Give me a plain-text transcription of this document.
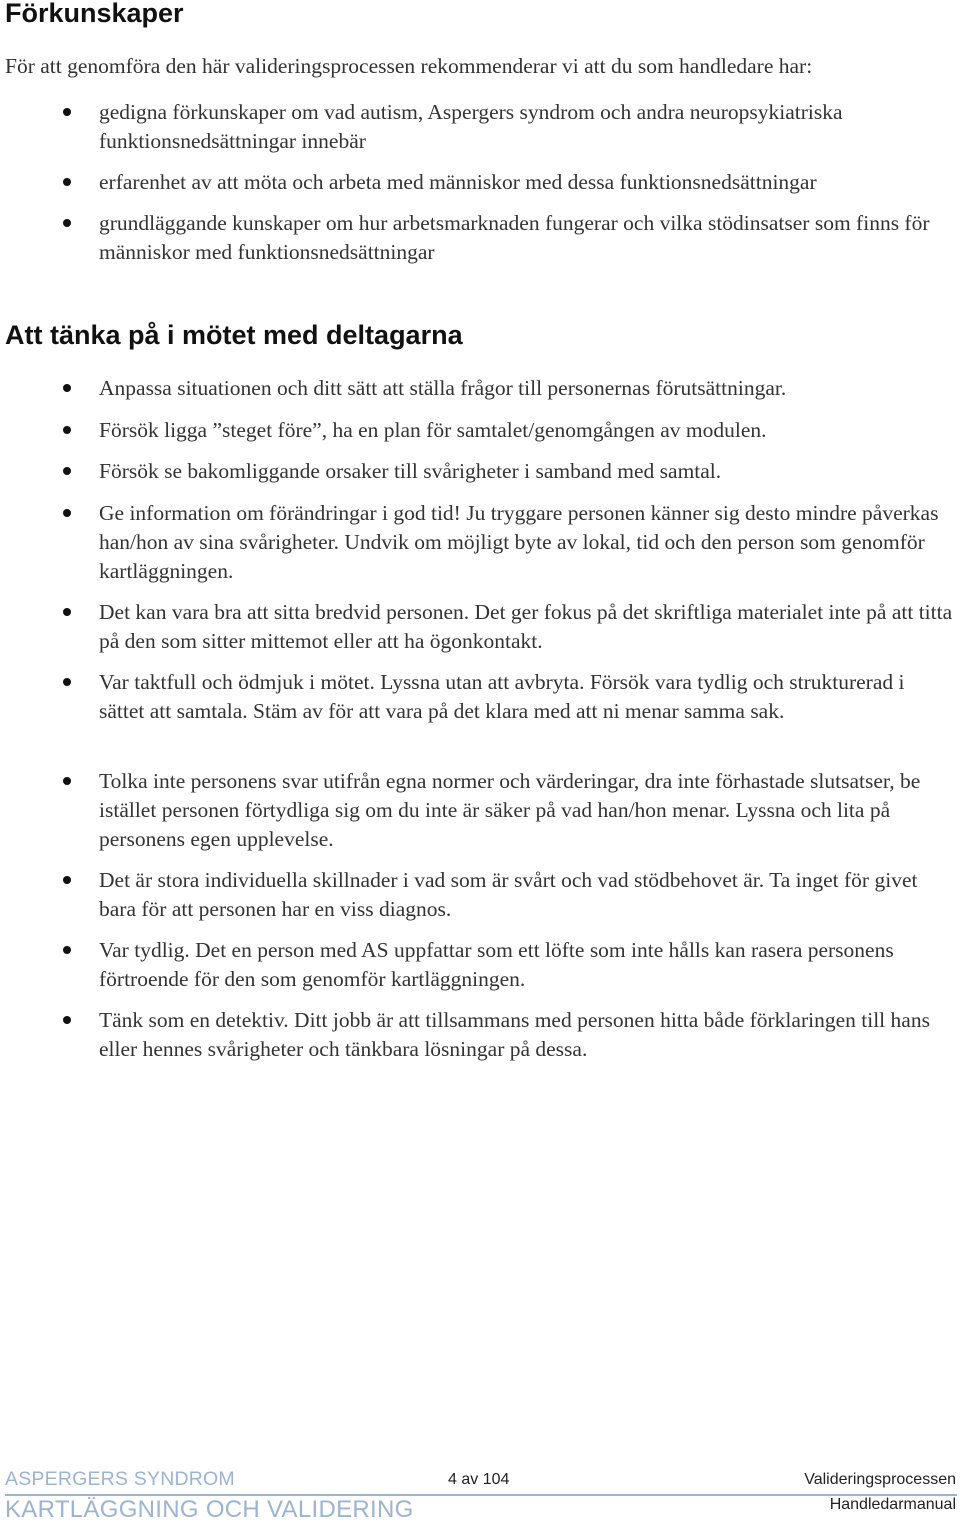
Förkunskaper

För att genomföra den här valideringsprocessen rekommenderar vi att du som handledare har:

gedigna förkunskaper om vad autism, Aspergers syndrom och andra neuropsykiatriska funktionsnedsättningar innebär

erfarenhet av att möta och arbeta med människor med dessa funktionsnedsättningar

grundläggande kunskaper om hur arbetsmarknaden fungerar och vilka stödinsatser som finns för människor med funktionsnedsättningar

Att tänka på i mötet med deltagarna

Anpassa situationen och ditt sätt att ställa frågor till personernas förutsättningar.

Försök ligga ”steget före”, ha en plan för samtalet/genomgången av modulen.

Försök se bakomliggande orsaker till svårigheter i samband med samtal.

Ge information om förändringar i god tid! Ju tryggare personen känner sig desto mindre påverkas han/hon av sina svårigheter. Undvik om möjligt byte av lokal, tid och den person som genomför kartläggningen.

Det kan vara bra att sitta bredvid personen. Det ger fokus på det skriftliga materialet inte på att titta på den som sitter mittemot eller att ha ögonkontakt.

Var taktfull och ödmjuk i mötet. Lyssna utan att avbryta. Försök vara tydlig och strukturerad i sättet att samtala. Stäm av för att vara på det klara med att ni menar samma sak.

Tolka inte personens svar utifrån egna normer och värderingar, dra inte förhastade slutsatser, be istället personen förtydliga sig om du inte är säker på vad han/hon menar. Lyssna och lita på personens egen upplevelse.

Det är stora individuella skillnader i vad som är svårt och vad stödbehovet är. Ta inget för givet bara för att personen har en viss diagnos.

Var tydlig. Det en person med AS uppfattar som ett löfte som inte hålls kan rasera personens förtroende för den som genomför kartläggningen.

Tänk som en detektiv. Ditt jobb är att tillsammans med personen hitta både förklaringen till hans eller hennes svårigheter och tänkbara lösningar på dessa.

ASPERGERS SYNDROM	4 av 104	Valideringsprocessen
KARTLÄGGNING OCH VALIDERING	Handledarmanual
